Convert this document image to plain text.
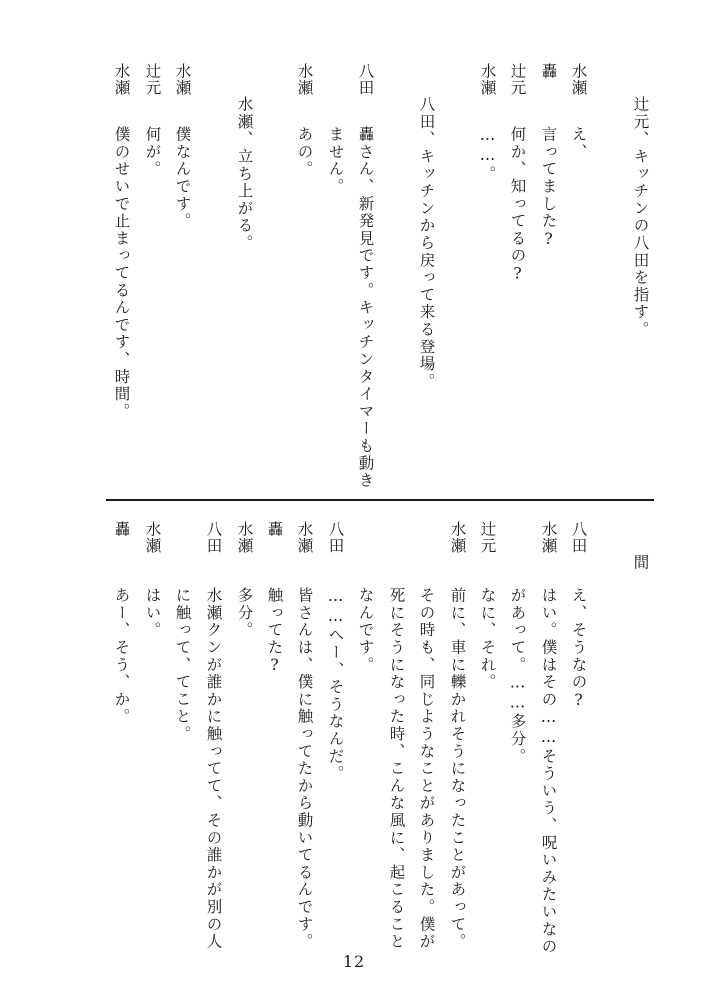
辻元、キッチンの八田を指す。
水瀬
え、
轟
言ってました?
辻元
何か、知ってるの?
水瀬
……。
八田、キッチンから戻って来る登場。
八田
轟さん、新発見です。キッチンタイマーも動き
ません。
水瀬
あの。
水瀬、立ち上がる。
水瀬
僕なんです。
辻元
何が。
水瀬
僕のせいで止まってるんです、時間。
間
八田
え、そうなの?
水瀬
はい。僕はその……そういう、呪いみたいなの
があって。……多分。
辻元
なに、それ。
水瀬
前に、車に轢かれそうになったことがあって。
その時も、同じようなことがありました。僕が
死にそうになった時、こんな風に、起こること
なんです。
八田
……へー、そうなんだ。
水瀬
皆さんは、僕に触ってたから動いてるんです。
轟
触ってた?
水瀬
多分。
八田
水瀬クンが誰かに触ってて、その誰かが別の人
に触って、てこと。
水瀬
はい。
轟
あー、そう、か。
12
